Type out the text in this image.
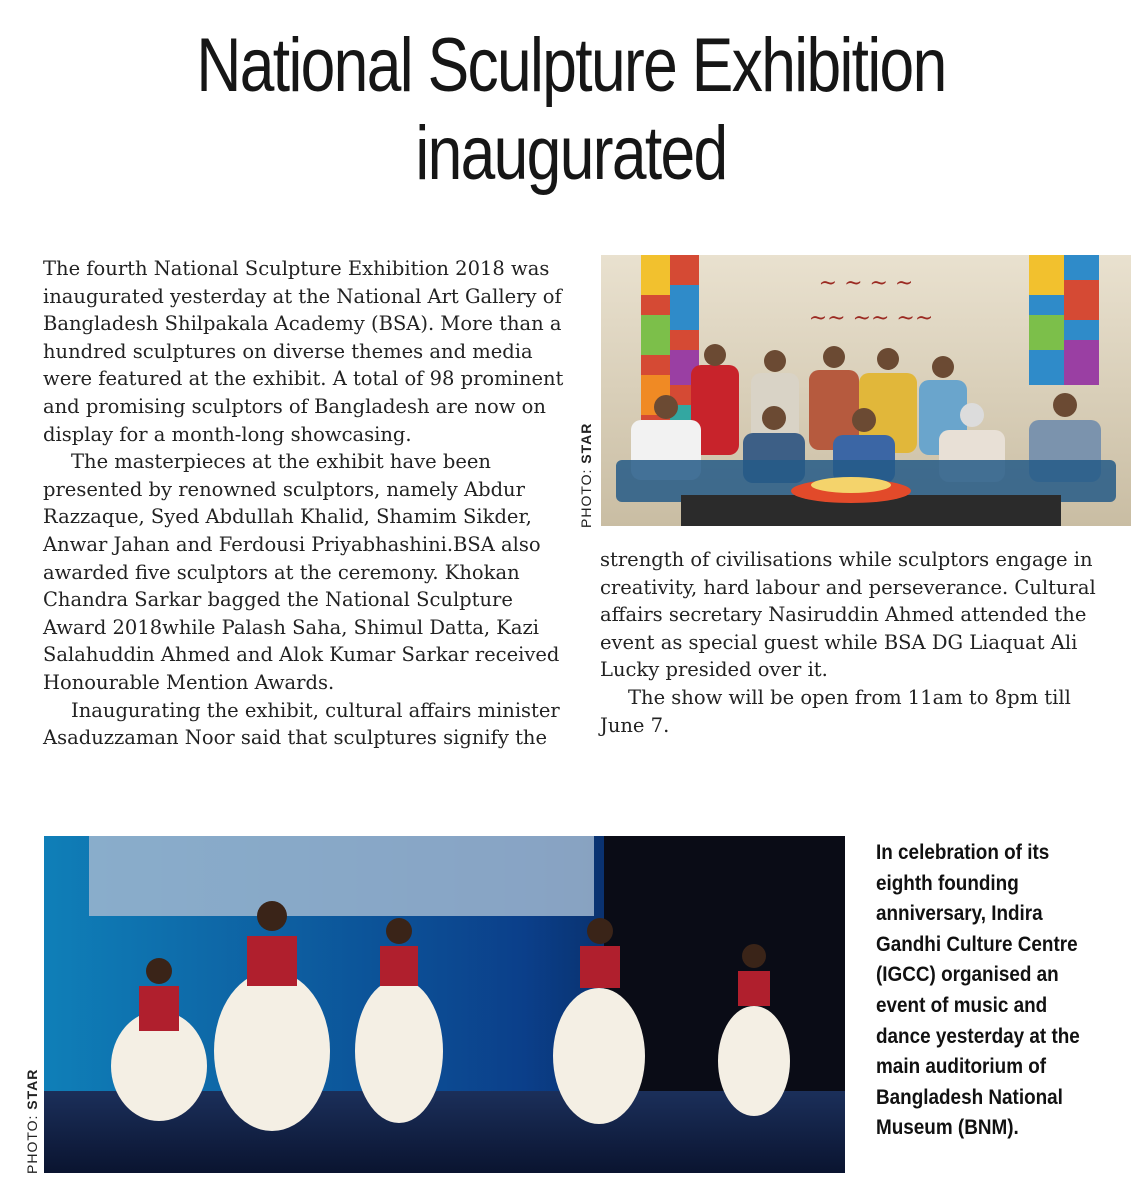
National Sculpture Exhibition
inaugurated

The fourth National Sculpture Exhibition 2018 was inaugurated yesterday at the National Art Gallery of Bangladesh Shilpakala Academy (BSA). More than a hundred sculptures on diverse themes and media were featured at the exhibit. A total of 98 prominent and promising sculptors of Bangladesh are now on display for a month-long showcasing.

The masterpieces at the exhibit have been presented by renowned sculptors, namely Abdur Razzaque, Syed Abdullah Khalid, Shamim Sikder, Anwar Jahan and Ferdousi Priyabhashini.BSA also awarded five sculptors at the ceremony. Khokan Chandra Sarkar bagged the National Sculpture Award 2018while Palash Saha, Shimul Datta, Kazi Salahuddin Ahmed and Alok Kumar Sarkar received Honourable Mention Awards.

Inaugurating the exhibit, cultural affairs minister Asaduzzaman Noor said that sculptures signify the

PHOTO: STAR
~ ~ ~ ~
~~ ~~ ~~

strength of civilisations while sculptors engage in creativity, hard labour and perseverance. Cultural affairs secretary Nasiruddin Ahmed attended the event as special guest while BSA DG Liaquat Ali Lucky presided over it.

The show will be open from 11am to 8pm till June 7.

PHOTO: STAR

In celebration of its eighth founding anniversary, Indira Gandhi Culture Centre (IGCC) organised an event of music and dance yesterday at the main auditorium of Bangladesh National Museum (BNM).
